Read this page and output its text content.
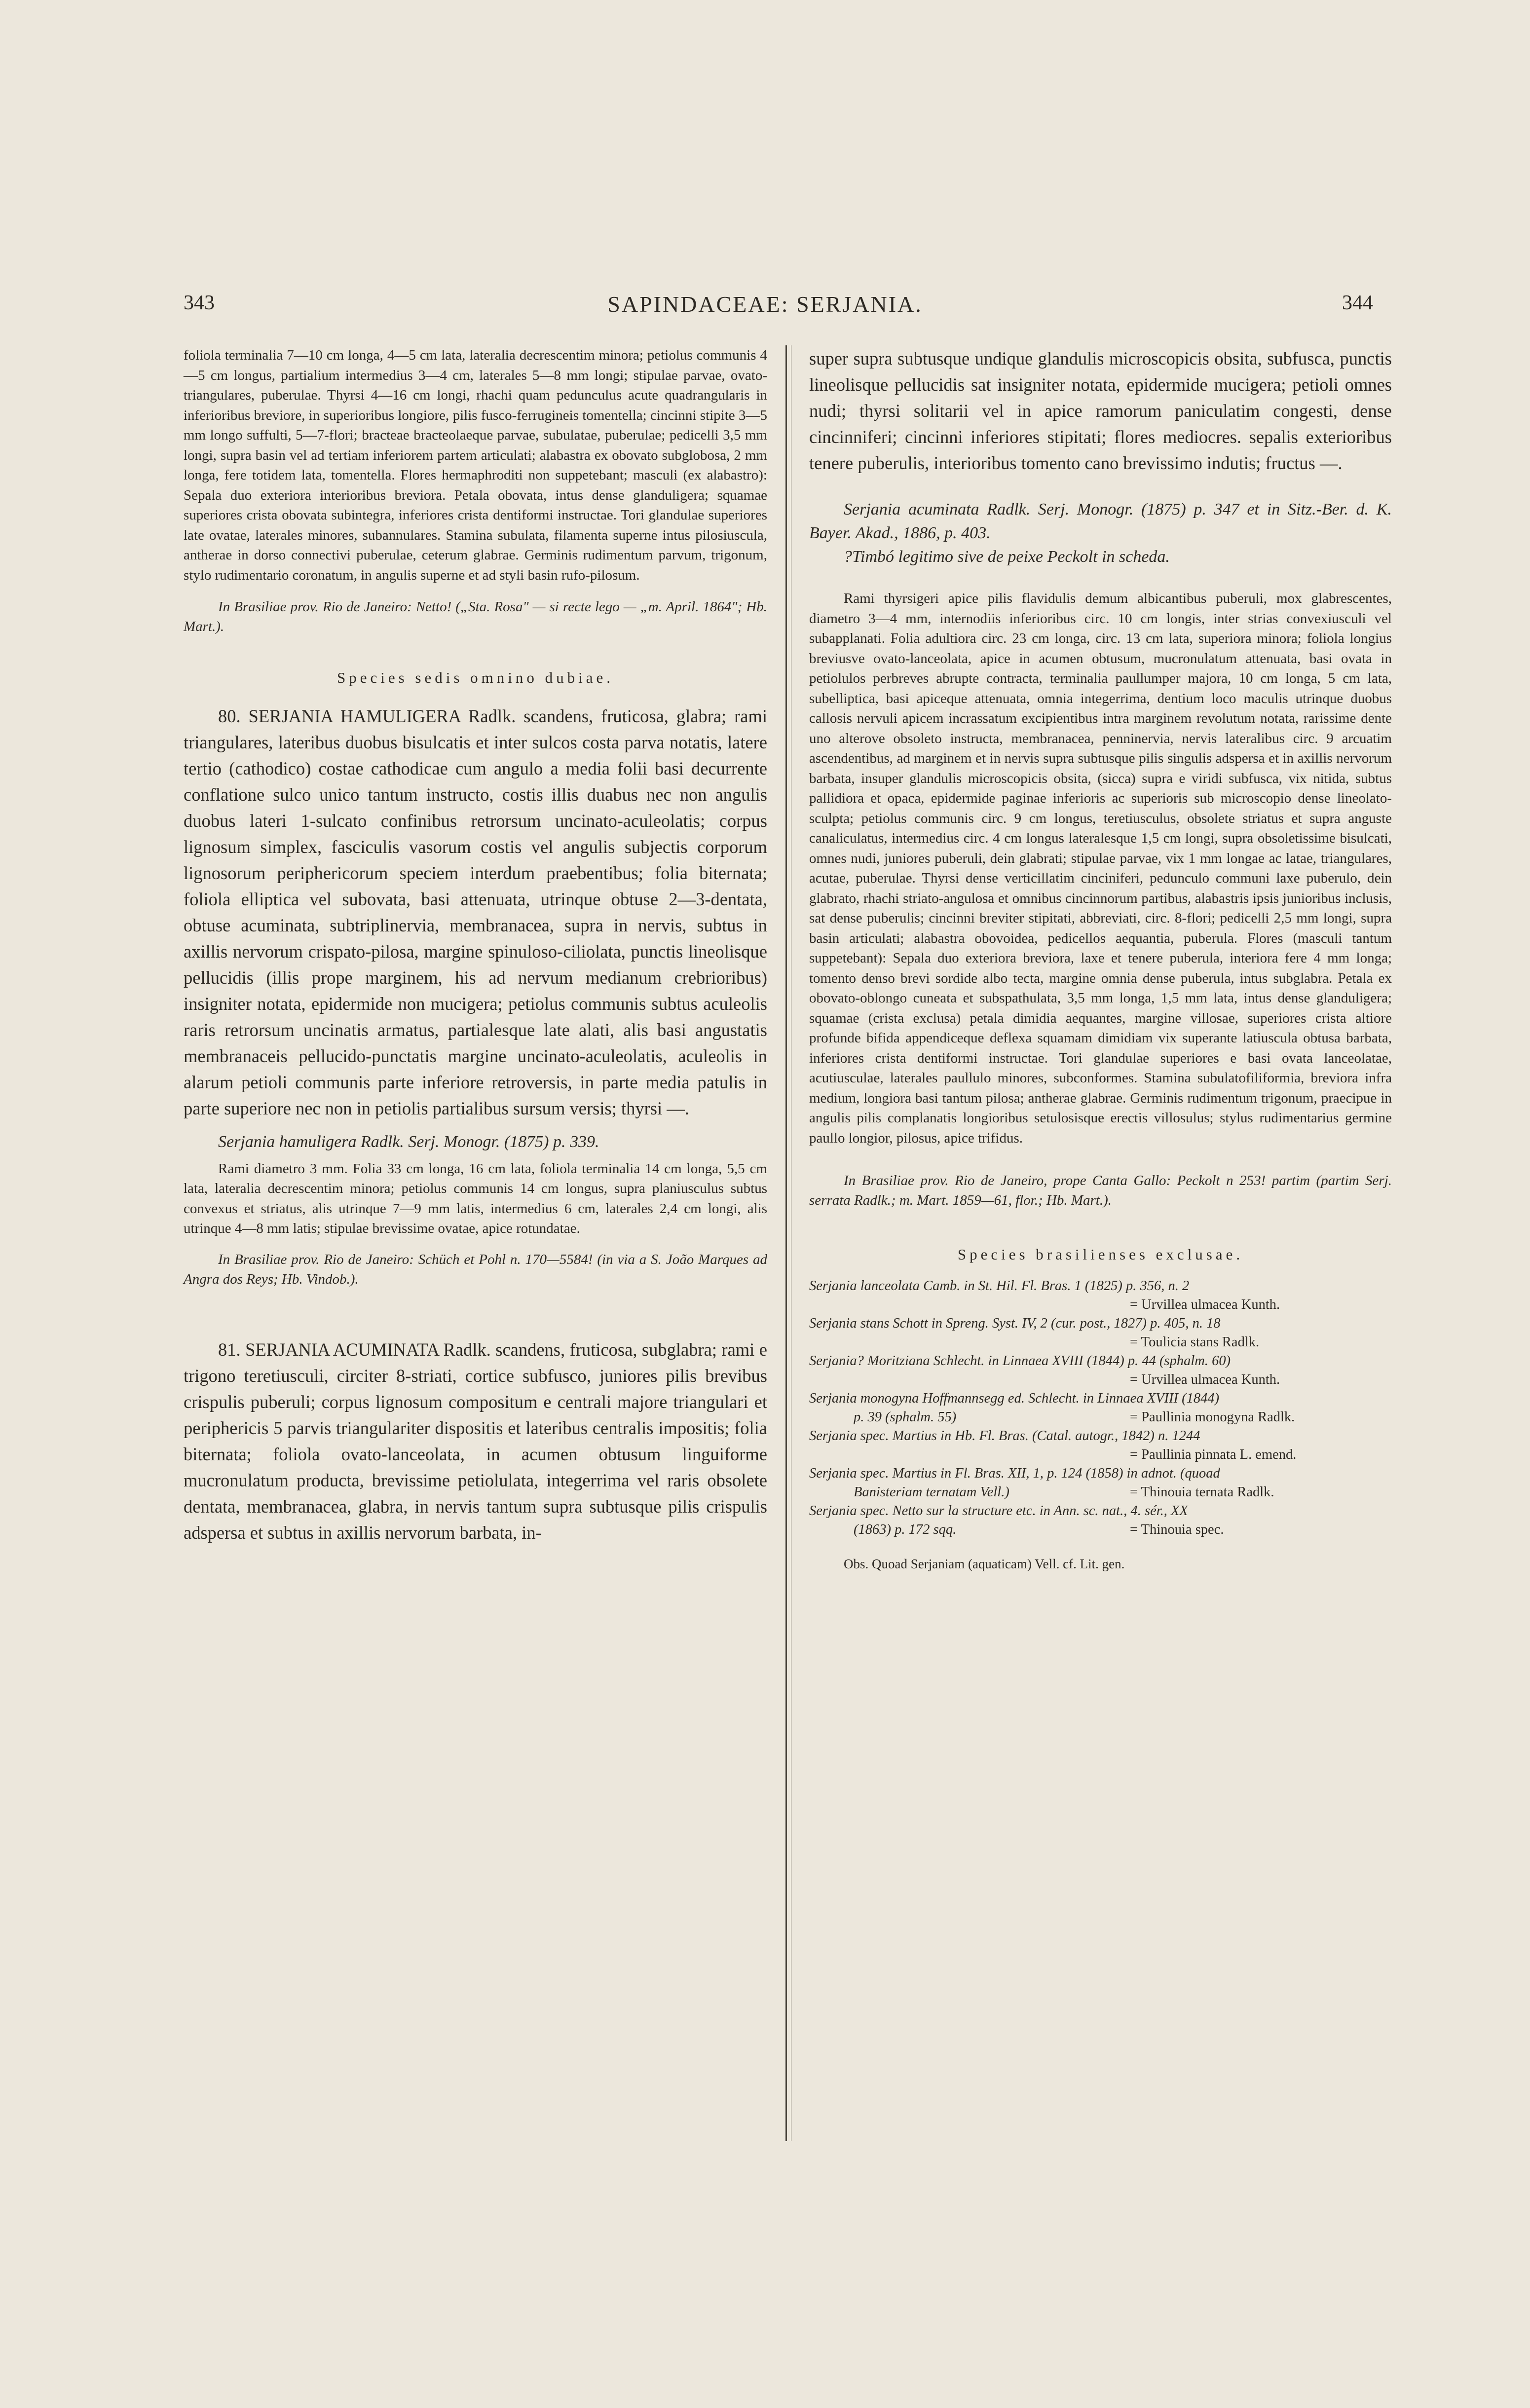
343	SAPINDACEAE: SERJANIA.	344

foliola terminalia 7—10 cm longa, 4—5 cm lata, lateralia decrescentim minora; petiolus communis 4—5 cm longus, partialium intermedius 3—4 cm, laterales 5—8 mm longi; stipulae parvae, ovato-triangulares, puberulae. Thyrsi 4—16 cm longi, rhachi quam pedunculus acute quadrangularis in inferioribus breviore, in superioribus longiore, pilis fusco-ferrugineis tomentella; cincinni stipite 3—5 mm longo suffulti, 5—7-flori; bracteae bracteolaeque parvae, subulatae, puberulae; pedicelli 3,5 mm longi, supra basin vel ad tertiam inferiorem partem articulati; alabastra ex obovato subglobosa, 2 mm longa, fere totidem lata, tomentella. Flores hermaphroditi non suppetebant; masculi (ex alabastro): Sepala duo exteriora interioribus breviora. Petala obovata, intus dense glanduligera; squamae superiores crista obovata subintegra, inferiores crista dentiformi instructae. Tori glandulae superiores late ovatae, laterales minores, subannulares. Stamina subulata, filamenta superne intus pilosiuscula, antherae in dorso connectivi puberulae, ceterum glabrae. Germinis rudimentum parvum, trigonum, stylo rudimentario coronatum, in angulis superne et ad styli basin rufo-pilosum.

In Brasiliae prov. Rio de Janeiro: Netto! („Sta. Rosa" — si recte lego — „m. April. 1864"; Hb. Mart.).

Species sedis omnino dubiae.

80. SERJANIA HAMULIGERA Radlk. scandens, fruticosa, glabra; rami triangulares, lateribus duobus bisulcatis et inter sulcos costa parva notatis, latere tertio (cathodico) costae cathodicae cum angulo a media folii basi decurrente conflatione sulco unico tantum instructo, costis illis duabus nec non angulis duobus lateri 1-sulcato confinibus retrorsum uncinato-aculeolatis; corpus lignosum simplex, fasciculis vasorum costis vel angulis subjectis corporum lignosorum periphericorum speciem interdum praebentibus; folia biternata; foliola elliptica vel subovata, basi attenuata, utrinque obtuse 2—3-dentata, obtuse acuminata, subtriplinervia, membranacea, supra in nervis, subtus in axillis nervorum crispato-pilosa, margine spinuloso-ciliolata, punctis lineolisque pellucidis (illis prope marginem, his ad nervum medianum crebrioribus) insigniter notata, epidermide non mucigera; petiolus communis subtus aculeolis raris retrorsum uncinatis armatus, partialesque late alati, alis basi angustatis membranaceis pellucido-punctatis margine uncinato-aculeolatis, aculeolis in alarum petioli communis parte inferiore retroversis, in parte media patulis in parte superiore nec non in petiolis partialibus sursum versis; thyrsi —.

Serjania hamuligera Radlk. Serj. Monogr. (1875) p. 339.

Rami diametro 3 mm. Folia 33 cm longa, 16 cm lata, foliola terminalia 14 cm longa, 5,5 cm lata, lateralia decrescentim minora; petiolus communis 14 cm longus, supra planiusculus subtus convexus et striatus, alis utrinque 7—9 mm latis, intermedius 6 cm, laterales 2,4 cm longi, alis utrinque 4—8 mm latis; stipulae brevissime ovatae, apice rotundatae.

In Brasiliae prov. Rio de Janeiro: Schüch et Pohl n. 170—5584! (in via a S. João Marques ad Angra dos Reys; Hb. Vindob.).

81. SERJANIA ACUMINATA Radlk. scandens, fruticosa, subglabra; rami e trigono teretiusculi, circiter 8-striati, cortice subfusco, juniores pilis brevibus crispulis puberuli; corpus lignosum compositum e centrali majore triangulari et periphericis 5 parvis triangulariter dispositis et lateribus centralis impositis; folia biternata; foliola ovato-lanceolata, in acumen obtusum linguiforme mucronulatum producta, brevissime petiolulata, integerrima vel raris obsolete dentata, membranacea, glabra, in nervis tantum supra subtusque pilis crispulis adspersa et subtus in axillis nervorum barbata, in-

super supra subtusque undique glandulis microscopicis obsita, subfusca, punctis lineolisque pellucidis sat insigniter notata, epidermide mucigera; petioli omnes nudi; thyrsi solitarii vel in apice ramorum paniculatim congesti, dense cincinniferi; cincinni inferiores stipitati; flores mediocres. sepalis exterioribus tenere puberulis, interioribus tomento cano brevissimo indutis; fructus —.

Serjania acuminata Radlk. Serj. Monogr. (1875) p. 347 et in Sitz.-Ber. d. K. Bayer. Akad., 1886, p. 403.

?Timbó legitimo sive de peixe Peckolt in scheda.

Rami thyrsigeri apice pilis flavidulis demum albicantibus puberuli, mox glabrescentes, diametro 3—4 mm, internodiis inferioribus circ. 10 cm longis, inter strias convexiusculi vel subapplanati. Folia adultiora circ. 23 cm longa, circ. 13 cm lata, superiora minora; foliola longius breviusve ovato-lanceolata, apice in acumen obtusum, mucronulatum attenuata, basi ovata in petiolulos perbreves abrupte contracta, terminalia paullumper majora, 10 cm longa, 5 cm lata, subelliptica, basi apiceque attenuata, omnia integerrima, dentium loco maculis utrinque duobus callosis nervuli apicem incrassatum excipientibus intra marginem revolutum notata, rarissime dente uno alterove obsoleto instructa, membranacea, penninervia, nervis lateralibus circ. 9 arcuatim ascendentibus, ad marginem et in nervis supra subtusque pilis singulis adspersa et in axillis nervorum barbata, insuper glandulis microscopicis obsita, (sicca) supra e viridi subfusca, vix nitida, subtus pallidiora et opaca, epidermide paginae inferioris ac superioris sub microscopio dense lineolato-sculpta; petiolus communis circ. 9 cm longus, teretiusculus, obsolete striatus et supra anguste canaliculatus, intermedius circ. 4 cm longus lateralesque 1,5 cm longi, supra obsoletissime bisulcati, omnes nudi, juniores puberuli, dein glabrati; stipulae parvae, vix 1 mm longae ac latae, triangulares, acutae, puberulae. Thyrsi dense verticillatim cinciniferi, pedunculo communi laxe puberulo, dein glabrato, rhachi striato-angulosa et omnibus cincinnorum partibus, alabastris ipsis junioribus inclusis, sat dense puberulis; cincinni breviter stipitati, abbreviati, circ. 8-flori; pedicelli 2,5 mm longi, supra basin articulati; alabastra obovoidea, pedicellos aequantia, puberula. Flores (masculi tantum suppetebant): Sepala duo exteriora breviora, laxe et tenere puberula, interiora fere 4 mm longa; tomento denso brevi sordide albo tecta, margine omnia dense puberula, intus subglabra. Petala ex obovato-oblongo cuneata et subspathulata, 3,5 mm longa, 1,5 mm lata, intus dense glanduligera; squamae (crista exclusa) petala dimidia aequantes, margine villosae, superiores crista altiore profunde bifida appendiceque deflexa squamam dimidiam vix superante latiuscula obtusa barbata, inferiores crista dentiformi instructae. Tori glandulae superiores e basi ovata lanceolatae, acutiusculae, laterales paullulo minores, subconformes. Stamina subulatofiliformia, breviora infra medium, longiora basi tantum pilosa; antherae glabrae. Germinis rudimentum trigonum, praecipue in angulis pilis complanatis longioribus setulosisque erectis villosulus; stylus rudimentarius germine paullo longior, pilosus, apice trifidus.

In Brasiliae prov. Rio de Janeiro, prope Canta Gallo: Peckolt n 253! partim (partim Serj. serrata Radlk.; m. Mart. 1859—61, flor.; Hb. Mart.).

Species brasilienses exclusae.

Serjania lanceolata Camb. in St. Hil. Fl. Bras. 1 (1825) p. 356, n. 2
= Urvillea ulmacea Kunth.
Serjania stans Schott in Spreng. Syst. IV, 2 (cur. post., 1827) p. 405, n. 18
= Toulicia stans Radlk.
Serjania? Moritziana Schlecht. in Linnaea XVIII (1844) p. 44 (sphalm. 60)
= Urvillea ulmacea Kunth.
Serjania monogyna Hoffmannsegg ed. Schlecht. in Linnaea XVIII (1844)
p. 39 (sphalm. 55)	= Paullinia monogyna Radlk.
Serjania spec. Martius in Hb. Fl. Bras. (Catal. autogr., 1842) n. 1244
= Paullinia pinnata L. emend.
Serjania spec. Martius in Fl. Bras. XII, 1, p. 124 (1858) in adnot. (quoad
Banisteriam ternatam Vell.)	= Thinouia ternata Radlk.
Serjania spec. Netto sur la structure etc. in Ann. sc. nat., 4. sér., XX
(1863) p. 172 sqq.	= Thinouia spec.

Obs. Quoad Serjaniam (aquaticam) Vell. cf. Lit. gen.
